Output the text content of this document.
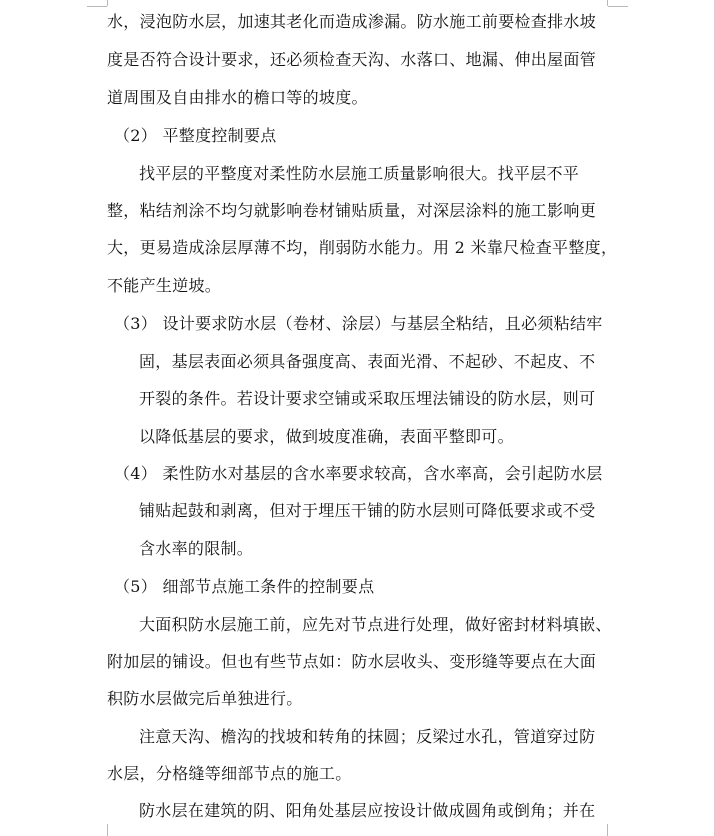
水，浸泡防水层，加速其老化而造成渗漏。防水施工前要检查排水坡
度是否符合设计要求，还必须检查天沟、水落口、地漏、伸出屋面管
道周围及自由排水的檐口等的坡度。
（2） 平整度控制要点
找平层的平整度对柔性防水层施工质量影响很大。找平层不平
整，粘结剂涂不均匀就影响卷材铺贴质量，对深层涂料的施工影响更
大，更易造成涂层厚薄不均，削弱防水能力。用 2 米靠尺检查平整度，
不能产生逆坡。
（3） 设计要求防水层（卷材、涂层）与基层全粘结，且必须粘结牢
固，基层表面必须具备强度高、表面光滑、不起砂、不起皮、不
开裂的条件。若设计要求空铺或采取压埋法铺设的防水层，则可
以降低基层的要求，做到坡度准确，表面平整即可。
（4） 柔性防水对基层的含水率要求较高，含水率高，会引起防水层
铺贴起鼓和剥离，但对于埋压干铺的防水层则可降低要求或不受
含水率的限制。
（5） 细部节点施工条件的控制要点
大面积防水层施工前，应先对节点进行处理，做好密封材料填嵌、
附加层的铺设。但也有些节点如：防水层收头、变形缝等要点在大面
积防水层做完后单独进行。
注意天沟、檐沟的找坡和转角的抹圆；反梁过水孔，管道穿过防
水层，分格缝等细部节点的施工。
防水层在建筑的阴、阳角处基层应按设计做成圆角或倒角；并在
